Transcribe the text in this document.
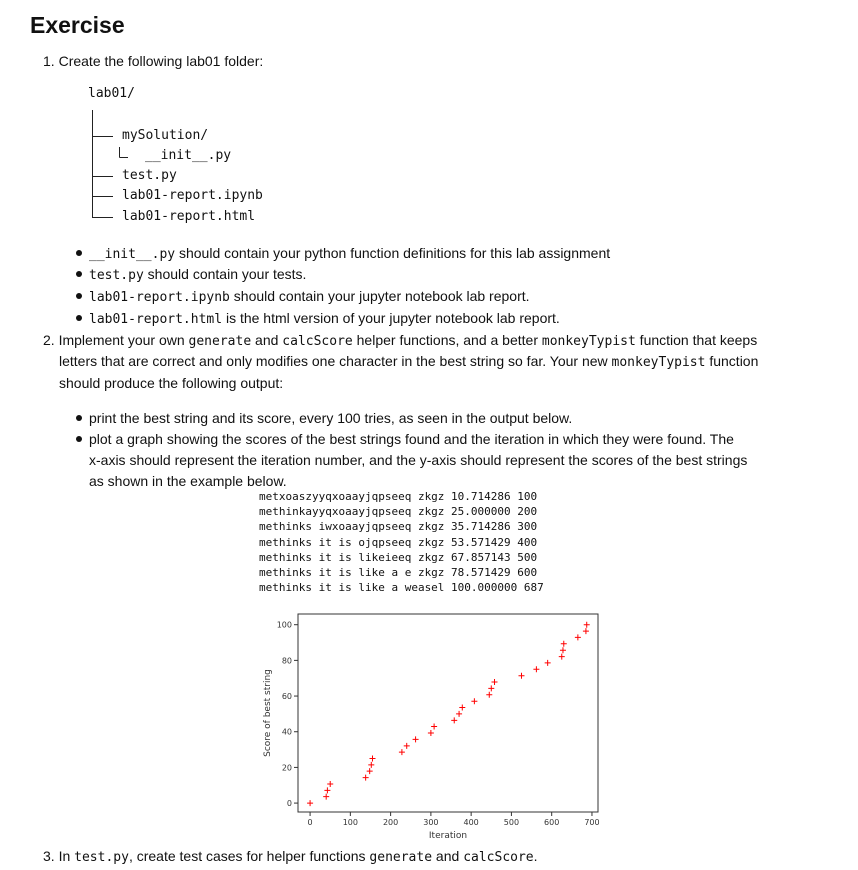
Exercise
1. Create the following lab01 folder:
lab01/
mySolution/
__init__.py
test.py
lab01-report.ipynb
lab01-report.html
__init__.py should contain your python function definitions for this lab assignment
test.py should contain your tests.
lab01-report.ipynb should contain your jupyter notebook lab report.
lab01-report.html is the html version of your jupyter notebook lab report.
2. Implement your own generate and calcScore helper functions, and a better monkeyTypist function that keeps
letters that are correct and only modifies one character in the best string so far. Your new monkeyTypist function
should produce the following output:
print the best string and its score, every 100 tries, as seen in the output below.
plot a graph showing the scores of the best strings found and the iteration in which they were found. The
x-axis should represent the iteration number, and the y-axis should represent the scores of the best strings
as shown in the example below.
metxoaszyyqxoaayjqpseeq zkgz 10.714286 100
methinkayyqxoaayjqpseeq zkgz 25.000000 200
methinks iwxoaayjqpseeq zkgz 35.714286 300
methinks it is ojqpseeq zkgz 53.571429 400
methinks it is likeieeq zkgz 67.857143 500
methinks it is like a e zkgz 78.571429 600
methinks it is like a weasel 100.000000 687
0	100	200	300	400	500	600	700
0
20
40
60
80
100
Iteration
Score of best string
3. In test.py, create test cases for helper functions generate and calcScore.
